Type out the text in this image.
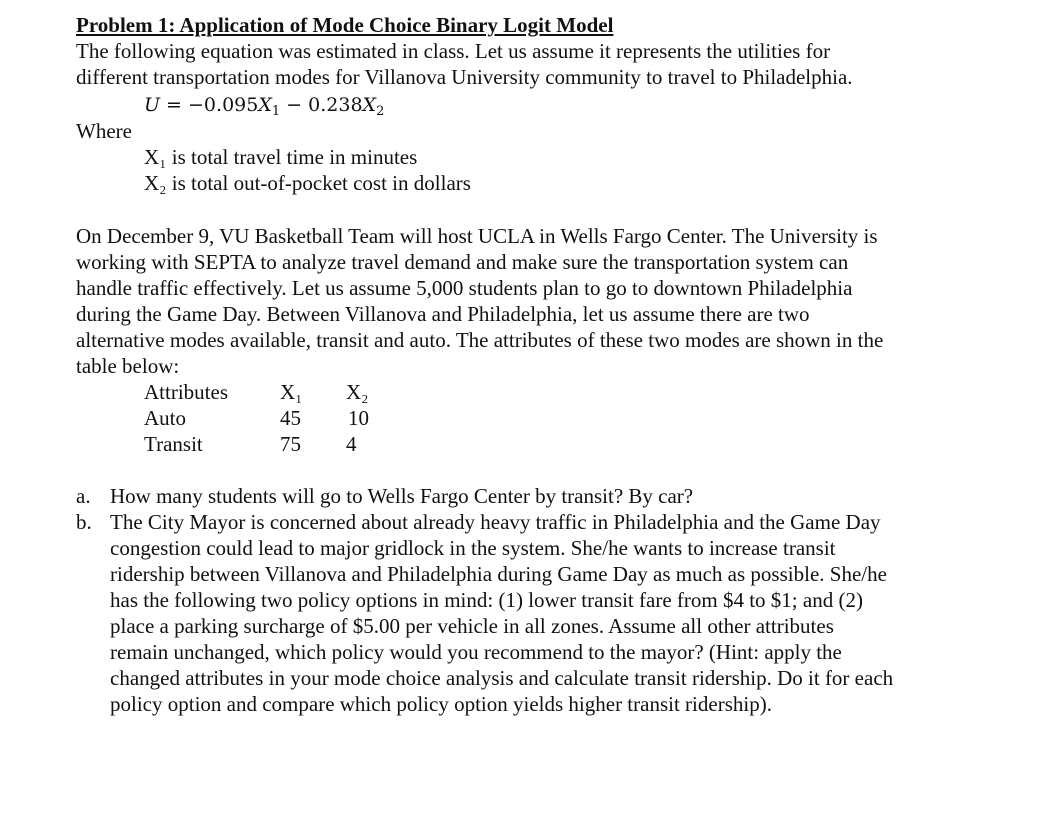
Problem 1: Application of Mode Choice Binary Logit Model
The following equation was estimated in class. Let us assume it represents the utilities for
different transportation modes for Villanova University community to travel to Philadelphia.
$U = -0.095X_1 - 0.238X_2$
Where
X₁ is total travel time in minutes
X₂ is total out-of-pocket cost in dollars
On December 9, VU Basketball Team will host UCLA in Wells Fargo Center. The University is
working with SEPTA to analyze travel demand and make sure the transportation system can
handle traffic effectively. Let us assume 5,000 students plan to go to downtown Philadelphia
during the Game Day. Between Villanova and Philadelphia, let us assume there are two
alternative modes available, transit and auto. The attributes of these two modes are shown in the
table below:
Attributes X₁ X₂
Auto	45 10
Transit	75 4
a. How many students will go to Wells Fargo Center by transit? By car?
b. The City Mayor is concerned about already heavy traffic in Philadelphia and the Game Day
congestion could lead to major gridlock in the system. She/he wants to increase transit
ridership between Villanova and Philadelphia during Game Day as much as possible. She/he
has the following two policy options in mind: (1) lower transit fare from $4 to $1; and (2)
place a parking surcharge of $5.00 per vehicle in all zones. Assume all other attributes
remain unchanged, which policy would you recommend to the mayor? (Hint: apply the
changed attributes in your mode choice analysis and calculate transit ridership. Do it for each
policy option and compare which policy option yields higher transit ridership).
